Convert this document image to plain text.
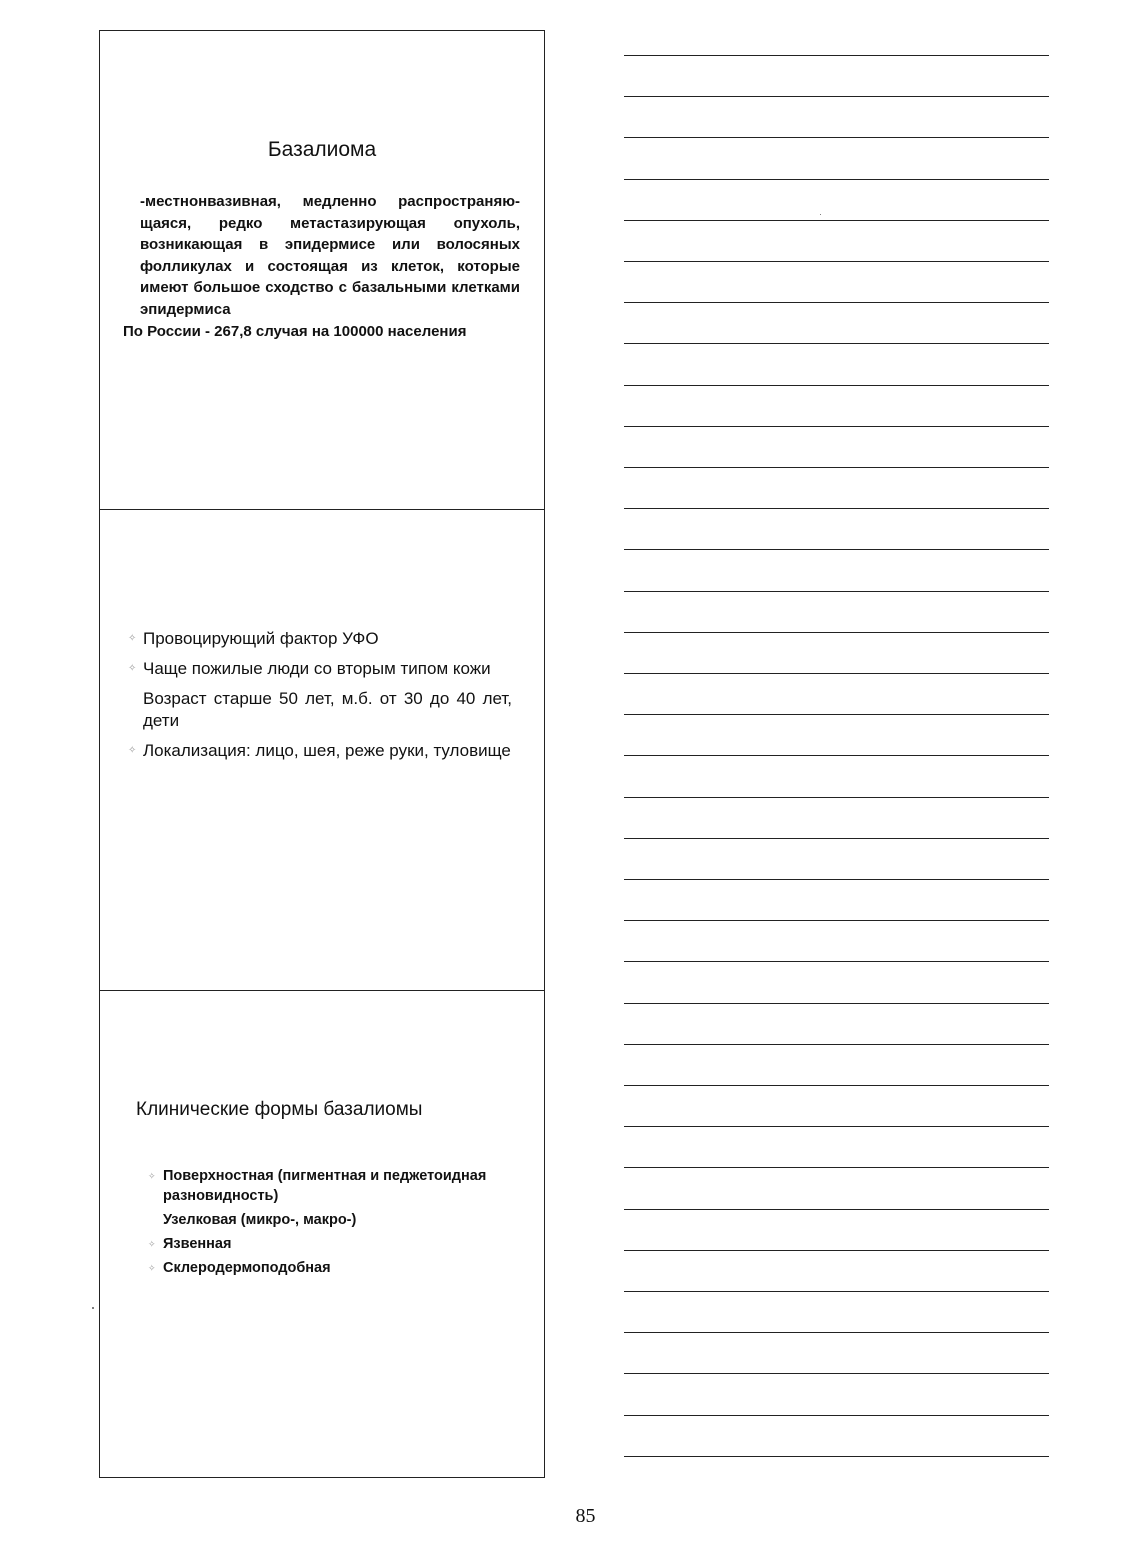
Базалиома
-местнонвазивная, медленно распространяю-щаяся, редко метастазирующая опухоль, возникающая в эпидермисе или волосяных фолликулах и состоящая из клеток, которые имеют большое сходство с базальными клетками эпидермиса
По России - 267,8 случая на 100000 населения
✧ Провоцирующий фактор УФО
✧ Чаще пожилые люди со вторым типом кожи
Возраст старше 50 лет, м.б. от 30 до 40 лет, дети
✧ Локализация: лицо, шея, реже руки, туловище
Клинические формы базалиомы
✧ Поверхностная (пигментная и педжетоидная разновидность)
Узелковая (микро-, макро-)
✧ Язвенная
✧ Склеродермоподобная
85
